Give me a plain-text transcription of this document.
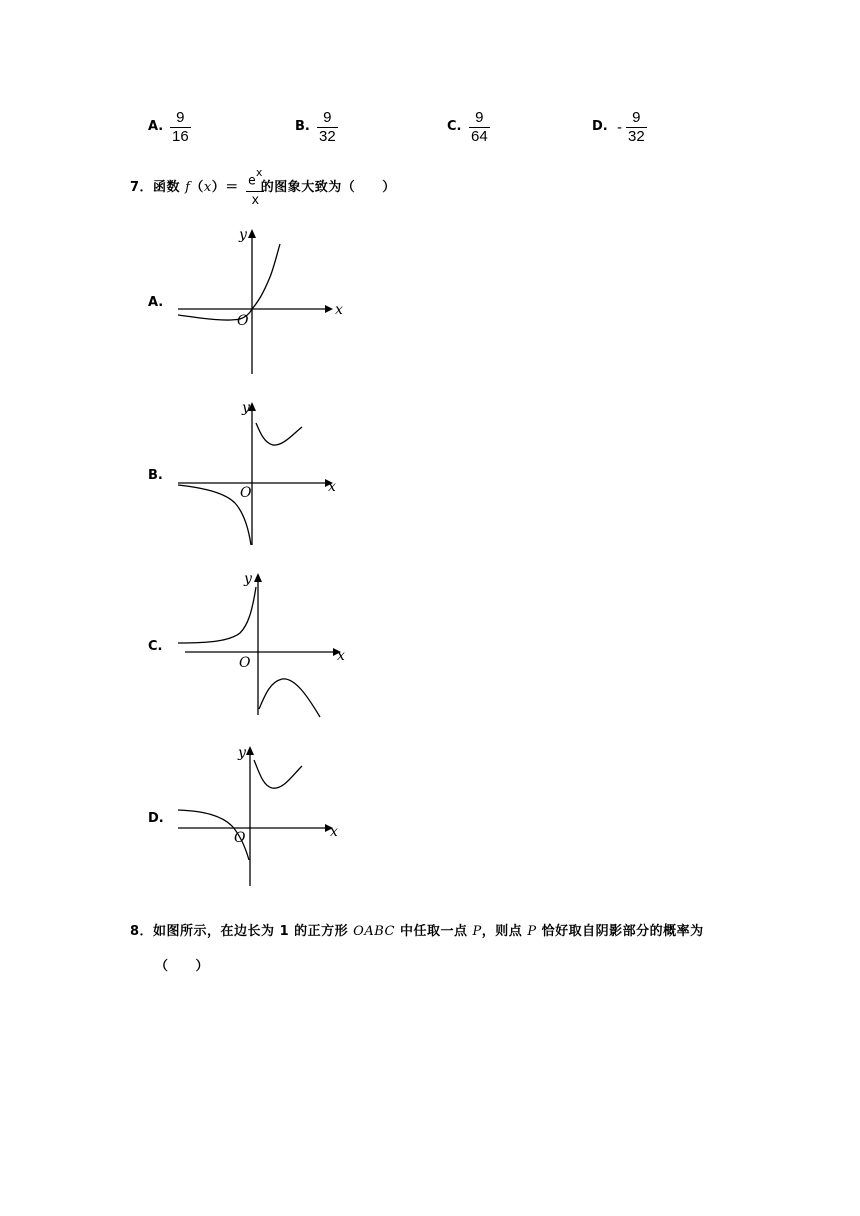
A.
9
16
B.
9
32
C.
9
64
D. -
9
32
7．函数 f（x）＝ 的图象大致为（　　）
$e^x$
x
A.	x
y
O
B.
x
y
O
C.
x
y
O
D.
x
y
O
8．如图所示，在边长为 1 的正方形 OABC 中任取一点 P，则点 P 恰好取自阴影部分的概率为
（　　）
